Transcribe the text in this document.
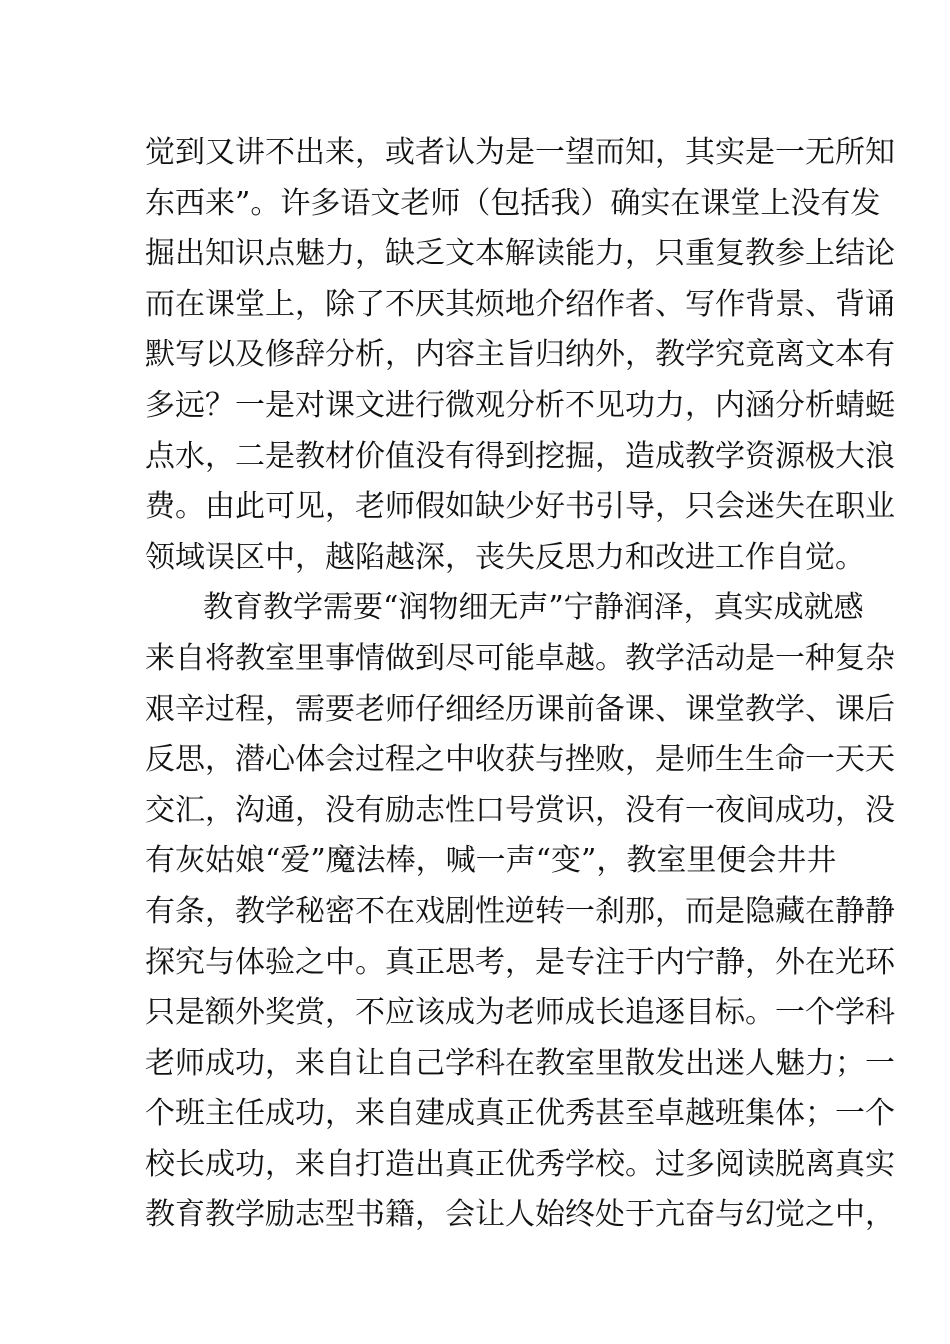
觉到又讲不出来，或者认为是一望而知，其实是一无所知
东西来”。许多语文老师（包括我）确实在课堂上没有发
掘出知识点魅力，缺乏文本解读能力，只重复教参上结论
而在课堂上，除了不厌其烦地介绍作者、写作背景、背诵
默写以及修辞分析，内容主旨归纳外，教学究竟离文本有
多远？一是对课文进行微观分析不见功力，内涵分析蜻蜓
点水，二是教材价值没有得到挖掘，造成教学资源极大浪
费。由此可见，老师假如缺少好书引导，只会迷失在职业
领域误区中，越陷越深，丧失反思力和改进工作自觉。
教育教学需要“润物细无声”宁静润泽，真实成就感
来自将教室里事情做到尽可能卓越。教学活动是一种复杂
艰辛过程，需要老师仔细经历课前备课、课堂教学、课后
反思，潜心体会过程之中收获与挫败，是师生生命一天天
交汇，沟通，没有励志性口号赏识，没有一夜间成功，没
有灰姑娘“爱”魔法棒，喊一声“变”，教室里便会井井
有条，教学秘密不在戏剧性逆转一刹那，而是隐藏在静静
探究与体验之中。真正思考，是专注于内宁静，外在光环
只是额外奖赏，不应该成为老师成长追逐目标。一个学科
老师成功，来自让自己学科在教室里散发出迷人魅力；一
个班主任成功，来自建成真正优秀甚至卓越班集体；一个
校长成功，来自打造出真正优秀学校。过多阅读脱离真实
教育教学励志型书籍，会让人始终处于亢奋与幻觉之中，
